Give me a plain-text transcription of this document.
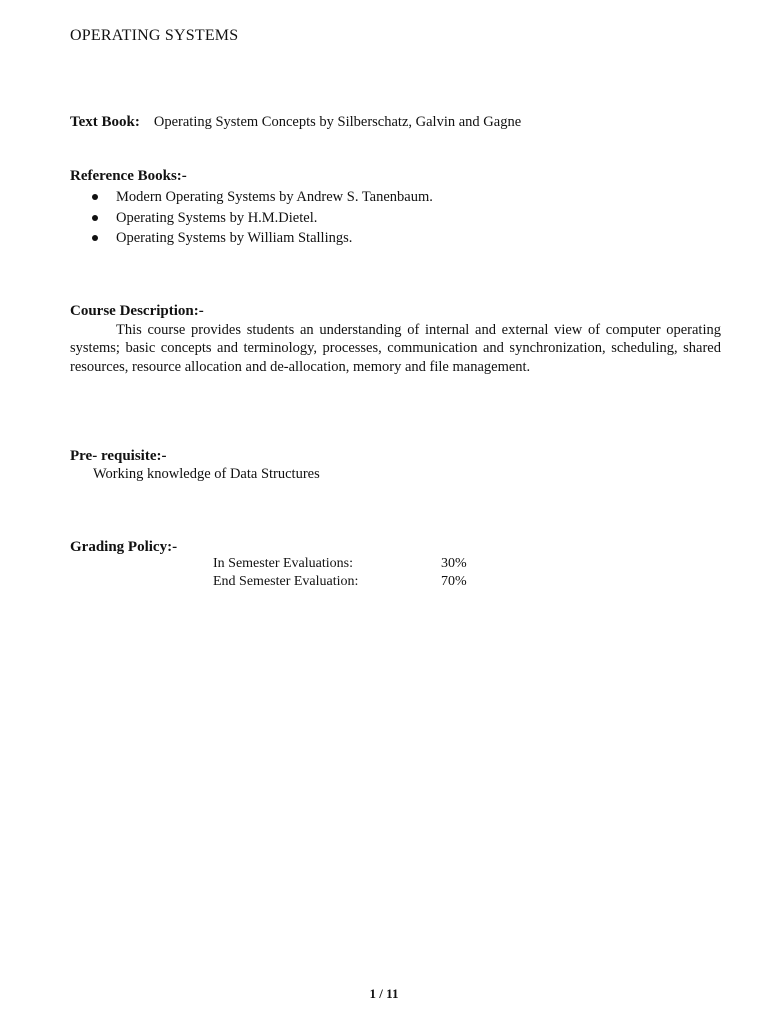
OPERATING SYSTEMS
Text Book: Operating System Concepts by Silberschatz, Galvin and Gagne
Reference Books:-
Modern Operating Systems by Andrew S. Tanenbaum.
Operating Systems by H.M.Dietel.
Operating Systems by William Stallings.
Course Description:-

This course provides students an understanding of internal and external view of computer operating systems; basic concepts and terminology, processes, communication and synchronization, scheduling, shared resources, resource allocation and de-allocation, memory and file management.

Pre- requisite:-
Working knowledge of Data Structures
Grading Policy:-
In Semester Evaluations:	30%
End Semester Evaluation:	70%
1 / 11
